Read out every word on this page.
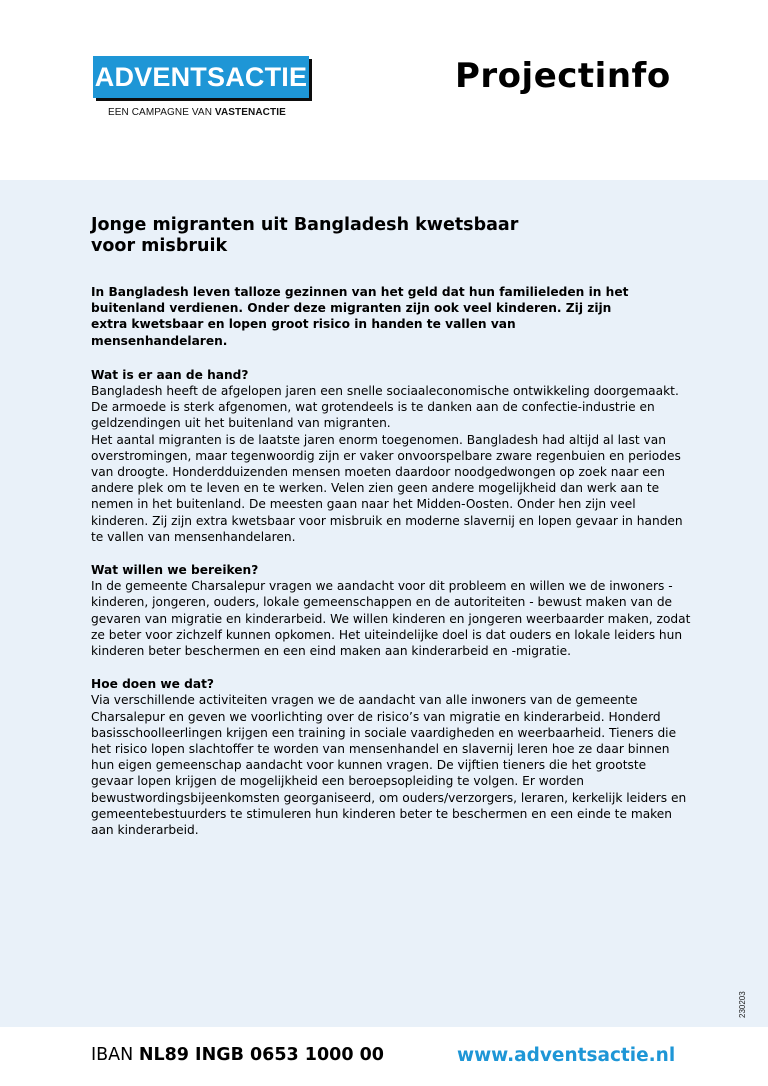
ADVENTSACTIE
EEN CAMPAGNE VAN VASTENACTIE
Projectinfo
Jonge migranten uit Bangladesh kwetsbaar voor misbruik

In Bangladesh leven talloze gezinnen van het geld dat hun familieleden in het buitenland verdienen. Onder deze migranten zijn ook veel kinderen. Zij zijn extra kwetsbaar en lopen groot risico in handen te vallen van mensenhandelaren.

Wat is er aan de hand?
Bangladesh heeft de afgelopen jaren een snelle sociaaleconomische ontwikkeling doorgemaakt. De armoede is sterk afgenomen, wat grotendeels is te danken aan de confectie-industrie en geldzendingen uit het buitenland van migranten.
Het aantal migranten is de laatste jaren enorm toegenomen. Bangladesh had altijd al last van overstromingen, maar tegenwoordig zijn er vaker onvoorspelbare zware regenbuien en periodes van droogte. Honderdduizenden mensen moeten daardoor noodgedwongen op zoek naar een andere plek om te leven en te werken. Velen zien geen andere mogelijkheid dan werk aan te nemen in het buitenland. De meesten gaan naar het Midden-Oosten. Onder hen zijn veel kinderen. Zij zijn extra kwetsbaar voor misbruik en moderne slavernij en lopen gevaar in handen te vallen van mensenhandelaren.
Wat willen we bereiken?
In de gemeente Charsalepur vragen we aandacht voor dit probleem en willen we de inwoners - kinderen, jongeren, ouders, lokale gemeenschappen en de autoriteiten - bewust maken van de gevaren van migratie en kinderarbeid. We willen kinderen en jongeren weerbaarder maken, zodat ze beter voor zichzelf kunnen opkomen. Het uiteindelijke doel is dat ouders en lokale leiders hun kinderen beter beschermen en een eind maken aan kinderarbeid en -migratie.
Hoe doen we dat?
Via verschillende activiteiten vragen we de aandacht van alle inwoners van de gemeente Charsalepur en geven we voorlichting over de risico’s van migratie en kinderarbeid. Honderd basisschoolleerlingen krijgen een training in sociale vaardigheden en weerbaarheid. Tieners die het risico lopen slachtoffer te worden van mensenhandel en slavernij leren hoe ze daar binnen hun eigen gemeenschap aandacht voor kunnen vragen. De vijftien tieners die het grootste gevaar lopen krijgen de mogelijkheid een beroepsopleiding te volgen. Er worden bewustwordingsbijeenkomsten georganiseerd, om ouders/verzorgers, leraren, kerkelijk leiders en gemeentebestuurders te stimuleren hun kinderen beter te beschermen en een einde te maken aan kinderarbeid.
230203
IBAN NL89 INGB 0653 1000 00	www.adventsactie.nl
